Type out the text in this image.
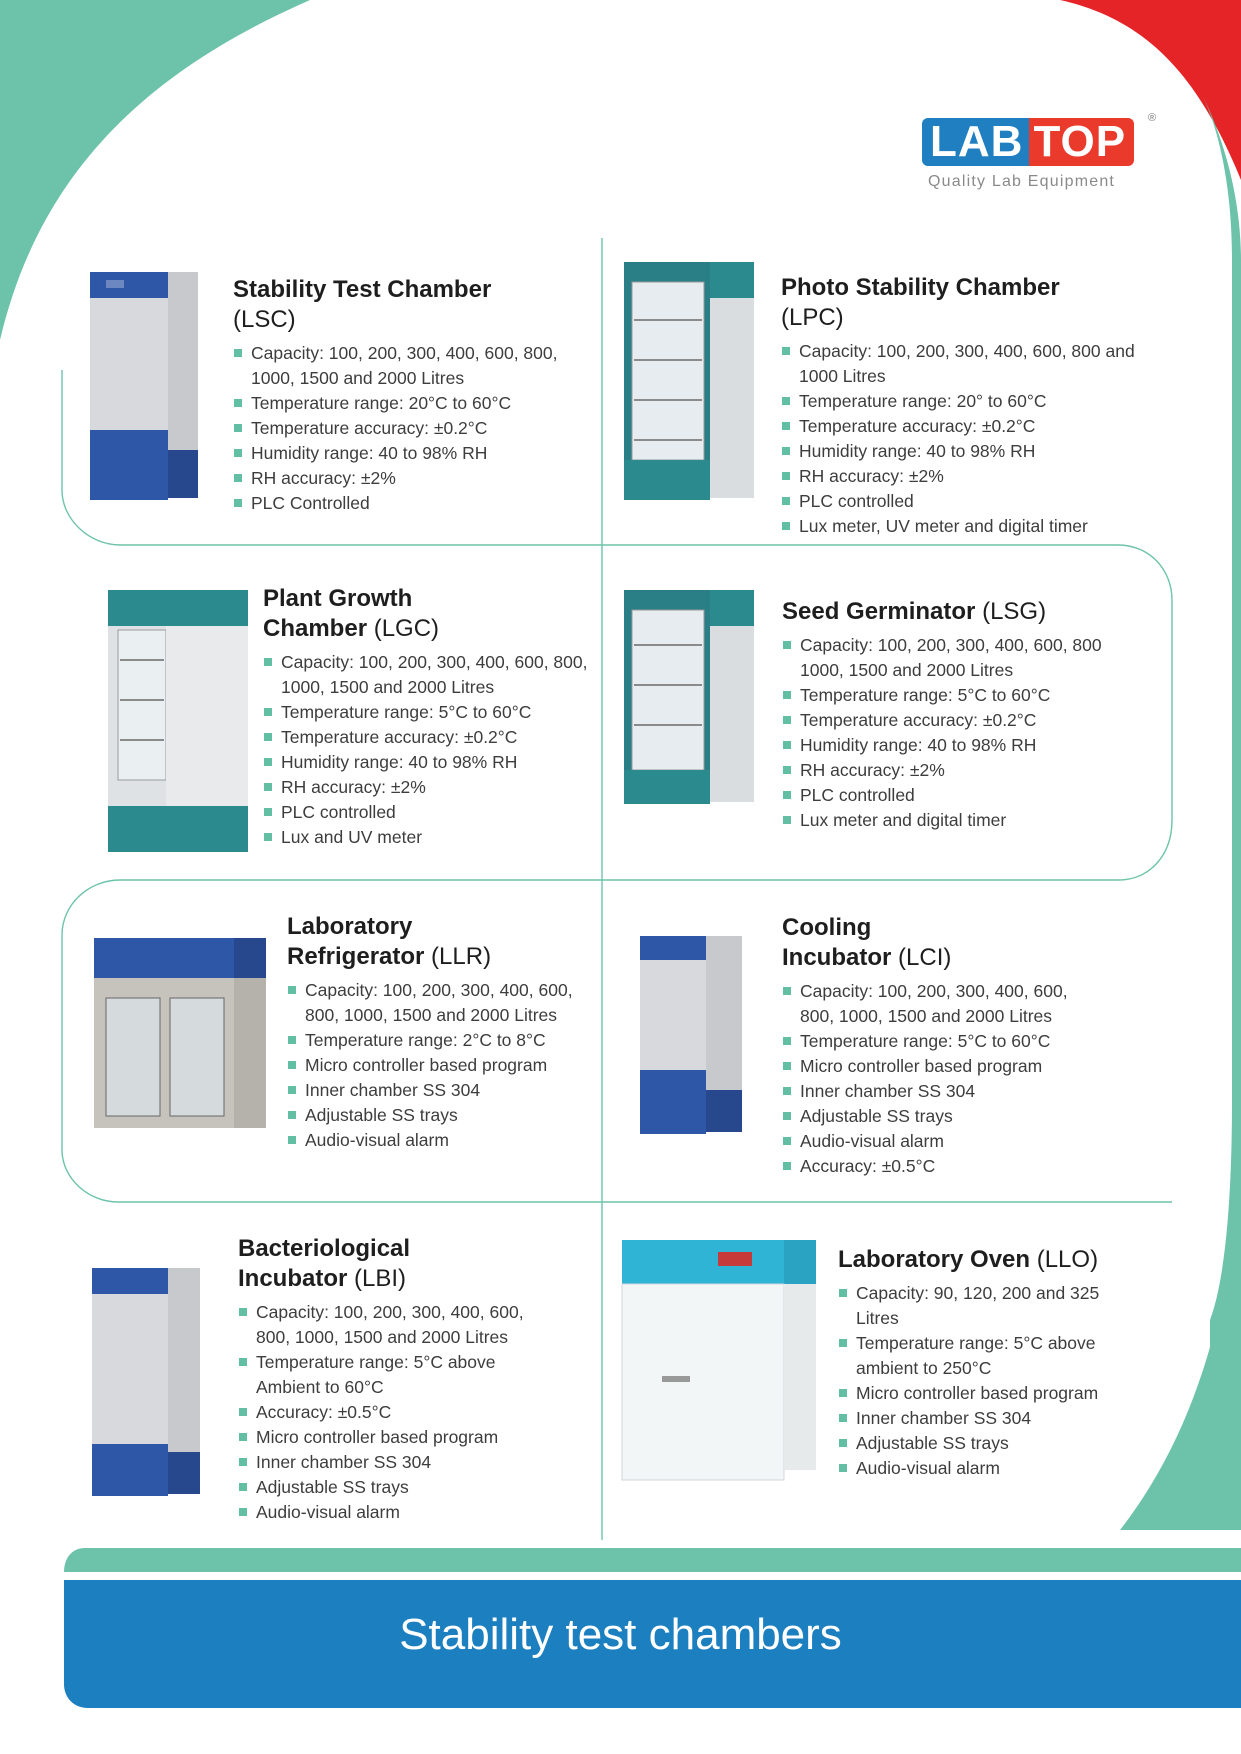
LAB TOP	®
Quality Lab Equipment
Stability Test Chamber
(LSC)
Capacity: 100, 200, 300, 400, 600, 800, 1000, 1500 and 2000 Litres
Temperature range: 20°C to 60°C
Temperature accuracy: ±0.2°C
Humidity range: 40 to 98% RH
RH accuracy: ±2%
PLC Controlled
Photo Stability Chamber
(LPC)
Capacity: 100, 200, 300, 400, 600, 800 and 1000 Litres
Temperature range: 20° to 60°C
Temperature accuracy: ±0.2°C
Humidity range: 40 to 98% RH
RH accuracy: ±2%
PLC controlled
Lux meter, UV meter and digital timer
Plant Growth Chamber (LGC)
Capacity: 100, 200, 300, 400, 600, 800, 1000, 1500 and 2000 Litres
Temperature range: 5°C to 60°C
Temperature accuracy: ±0.2°C
Humidity range: 40 to 98% RH
RH accuracy: ±2%
PLC controlled
Lux and UV meter
Seed Germinator (LSG)
Capacity: 100, 200, 300, 400, 600, 800 1000, 1500 and 2000 Litres
Temperature range: 5°C to 60°C
Temperature accuracy: ±0.2°C
Humidity range: 40 to 98% RH
RH accuracy: ±2%
PLC controlled
Lux meter and digital timer
Laboratory Refrigerator (LLR)
Capacity: 100, 200, 300, 400, 600, 800, 1000, 1500 and 2000 Litres
Temperature range: 2°C to 8°C
Micro controller based program
Inner chamber SS 304
Adjustable SS trays
Audio-visual alarm
Cooling Incubator (LCI)
Capacity: 100, 200, 300, 400, 600, 800, 1000, 1500 and 2000 Litres
Temperature range: 5°C to 60°C
Micro controller based program
Inner chamber SS 304
Adjustable SS trays
Audio-visual alarm
Accuracy: ±0.5°C
Bacteriological Incubator (LBI)
Capacity: 100, 200, 300, 400, 600, 800, 1000, 1500 and 2000 Litres
Temperature range: 5°C above Ambient to 60°C
Accuracy: ±0.5°C
Micro controller based program
Inner chamber SS 304
Adjustable SS trays
Audio-visual alarm
Laboratory Oven (LLO)
Capacity: 90, 120, 200 and 325 Litres
Temperature range: 5°C above ambient to 250°C
Micro controller based program
Inner chamber SS 304
Adjustable SS trays
Audio-visual alarm
Stability test chambers
